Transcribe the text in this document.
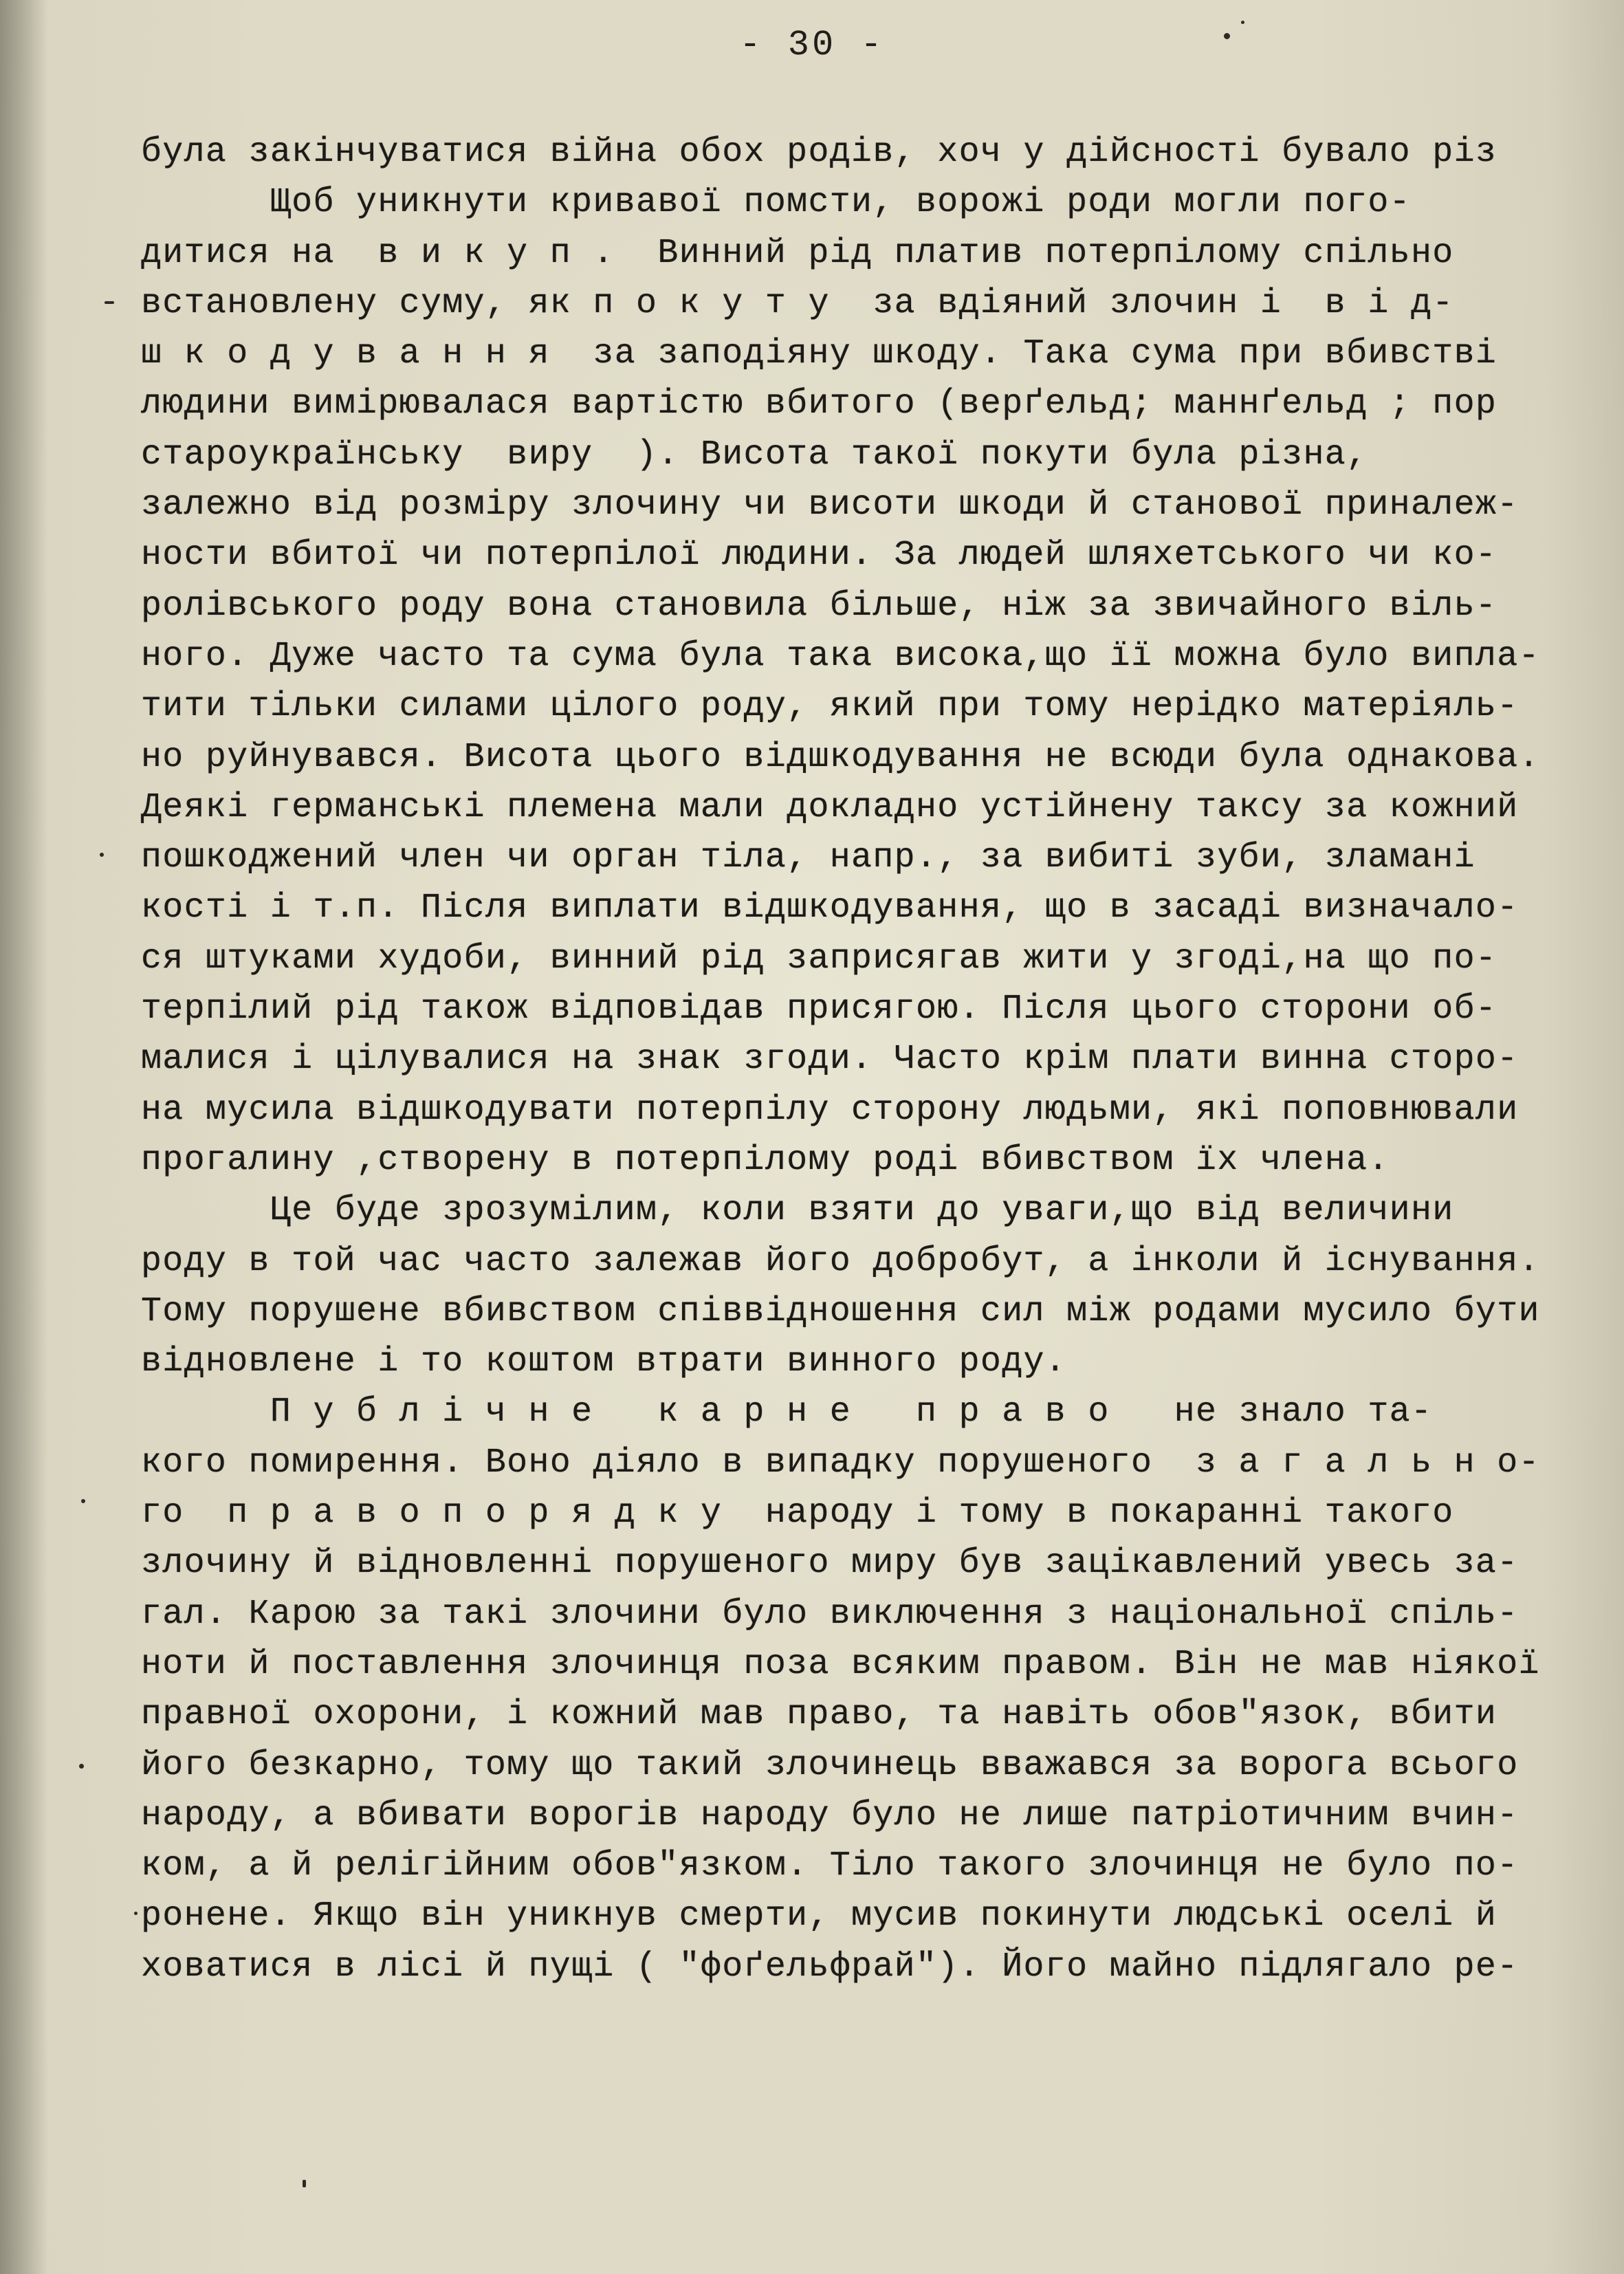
- 30 -
була закінчуватися війна обох родів, хоч у дійсності бувало різ
Щоб уникнути кривавої помсти, ворожі роди могли пого-
дитися на  в и к у п .  Винний рід платив потерпілому спільно
встановлену суму, як п о к у т у  за вдіяний злочин і  в і д-
ш к о д у в а н н я  за заподіяну шкоду. Така сума при вбивстві
людини вимірювалася вартістю вбитого (верґельд; маннґельд ; пор
староукраїнську  виру  ). Висота такої покути була різна,
залежно від розміру злочину чи висоти шкоди й станової приналеж-
ности вбитої чи потерпілої людини. За людей шляхетського чи ко-
ролівського роду вона становила більше, ніж за звичайного віль-
ного. Дуже часто та сума була така висока,що її можна було випла-
тити тільки силами цілого роду, який при тому нерідко матеріяль-
но руйнувався. Висота цього відшкодування не всюди була однакова.
Деякі германські племена мали докладно устійнену таксу за кожний
пошкоджений член чи орган тіла, напр., за вибиті зуби, зламані
кості і т.п. Після виплати відшкодування, що в засаді визначало-
ся штуками худоби, винний рід заприсягав жити у згоді,на що по-
терпілий рід також відповідав присягою. Після цього сторони об-
малися і цілувалися на знак згоди. Часто крім плати винна сторо-
на мусила відшкодувати потерпілу сторону людьми, які поповнювали
прогалину ,створену в потерпілому роді вбивством їх члена.
Це буде зрозумілим, коли взяти до уваги,що від величини
роду в той час часто залежав його добробут, а інколи й існування.
Тому порушене вбивством співвідношення сил між родами мусило бути
відновлене і то коштом втрати винного роду.
П у б л і ч н е   к а р н е   п р а в о   не знало та-
кого помирення. Воно діяло в випадку порушеного  з а г а л ь н о-
го  п р а в о п о р я д к у  народу і тому в покаранні такого
злочину й відновленні порушеного миру був зацікавлений увесь за-
гал. Карою за такі злочини було виключення з національної спіль-
ноти й поставлення злочинця поза всяким правом. Він не мав ніякої
правної охорони, і кожний мав право, та навіть обов"язок, вбити
його безкарно, тому що такий злочинець вважався за ворога всього
народу, а вбивати ворогів народу було не лише патріотичним вчин-
ком, а й релігійним обов"язком. Тіло такого злочинця не було по-
ронене. Якщо він уникнув смерти, мусив покинути людські оселі й
ховатися в лісі й пущі ( "фоґельфрай"). Його майно підлягало ре-
